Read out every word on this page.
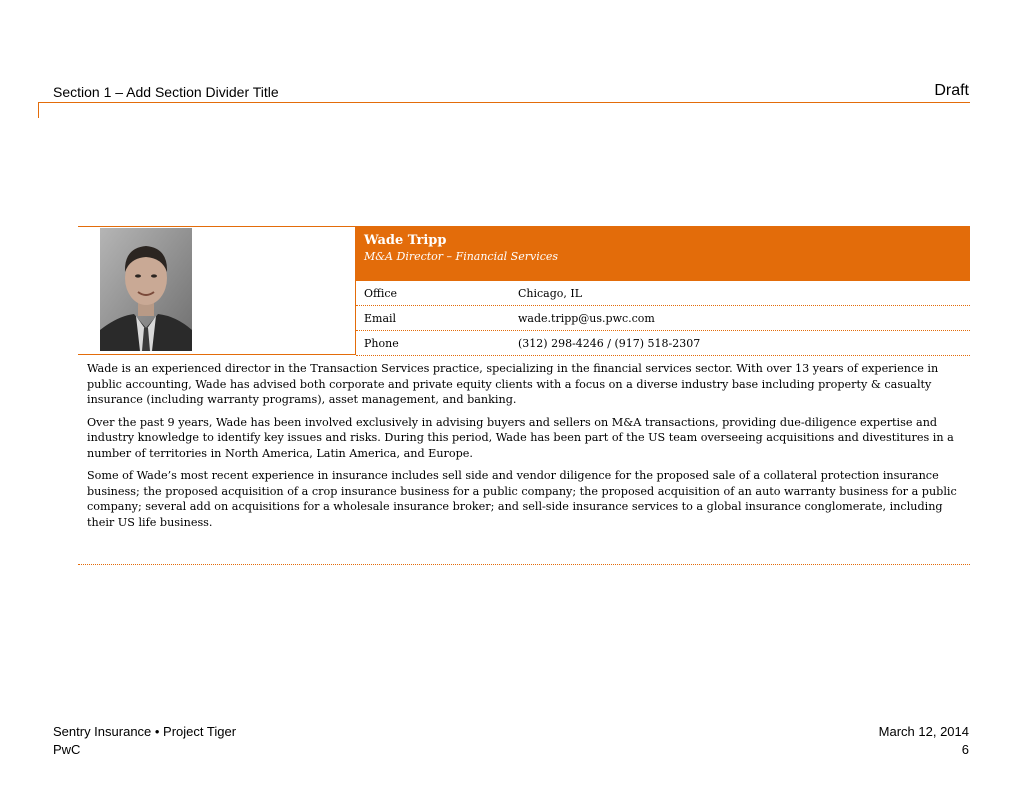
Section 1 – Add Section Divider Title	Draft
Wade Tripp
M&A Director – Financial Services
Office	Chicago, IL
Email	wade.tripp@us.pwc.com
Phone	(312) 298-4246 / (917) 518-2307

Wade is an experienced director in the Transaction Services practice, specializing in the financial services sector. With over 13 years of experience in public accounting, Wade has advised both corporate and private equity clients with a focus on a diverse industry base including property & casualty insurance (including warranty programs), asset management, and banking.

Over the past 9 years, Wade has been involved exclusively in advising buyers and sellers on M&A transactions, providing due-diligence expertise and industry knowledge to identify key issues and risks. During this period, Wade has been part of the US team overseeing acquisitions and divestitures in a number of territories in North America, Latin America, and Europe.

Some of Wade’s most recent experience in insurance includes sell side and vendor diligence for the proposed sale of a collateral protection insurance business; the proposed acquisition of a crop insurance business for a public company; the proposed acquisition of an auto warranty business for a public company; several add on acquisitions for a wholesale insurance broker; and sell-side insurance services to a global insurance conglomerate, including their US life business.

Sentry Insurance • Project Tiger
PwC
March 12, 2014
6
